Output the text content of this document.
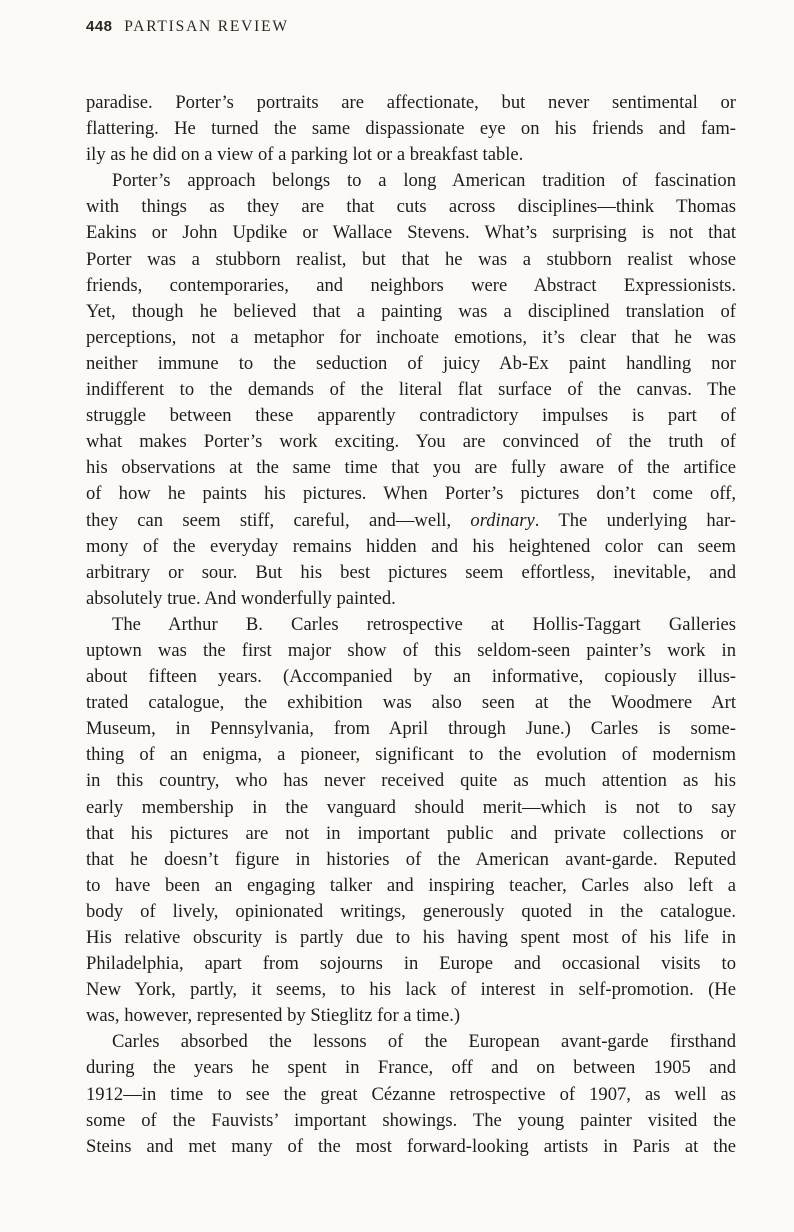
448 PARTISAN REVIEW
paradise. Porter’s portraits are affectionate, but never sentimental or
flattering. He turned the same dispassionate eye on his friends and fam-
ily as he did on a view of a parking lot or a breakfast table.
Porter’s approach belongs to a long American tradition of fascination
with things as they are that cuts across disciplines—think Thomas
Eakins or John Updike or Wallace Stevens. What’s surprising is not that
Porter was a stubborn realist, but that he was a stubborn realist whose
friends, contemporaries, and neighbors were Abstract Expressionists.
Yet, though he believed that a painting was a disciplined translation of
perceptions, not a metaphor for inchoate emotions, it’s clear that he was
neither immune to the seduction of juicy Ab-Ex paint handling nor
indifferent to the demands of the literal flat surface of the canvas. The
struggle between these apparently contradictory impulses is part of
what makes Porter’s work exciting. You are convinced of the truth of
his observations at the same time that you are fully aware of the artifice
of how he paints his pictures. When Porter’s pictures don’t come off,
they can seem stiff, careful, and—well, ordinary. The underlying har-
mony of the everyday remains hidden and his heightened color can seem
arbitrary or sour. But his best pictures seem effortless, inevitable, and
absolutely true. And wonderfully painted.
The Arthur B. Carles retrospective at Hollis-Taggart Galleries
uptown was the first major show of this seldom-seen painter’s work in
about fifteen years. (Accompanied by an informative, copiously illus-
trated catalogue, the exhibition was also seen at the Woodmere Art
Museum, in Pennsylvania, from April through June.) Carles is some-
thing of an enigma, a pioneer, significant to the evolution of modernism
in this country, who has never received quite as much attention as his
early membership in the vanguard should merit—which is not to say
that his pictures are not in important public and private collections or
that he doesn’t figure in histories of the American avant-garde. Reputed
to have been an engaging talker and inspiring teacher, Carles also left a
body of lively, opinionated writings, generously quoted in the catalogue.
His relative obscurity is partly due to his having spent most of his life in
Philadelphia, apart from sojourns in Europe and occasional visits to
New York, partly, it seems, to his lack of interest in self-promotion. (He
was, however, represented by Stieglitz for a time.)
Carles absorbed the lessons of the European avant-garde firsthand
during the years he spent in France, off and on between 1905 and
1912—in time to see the great Cézanne retrospective of 1907, as well as
some of the Fauvists’ important showings. The young painter visited the
Steins and met many of the most forward-looking artists in Paris at the
